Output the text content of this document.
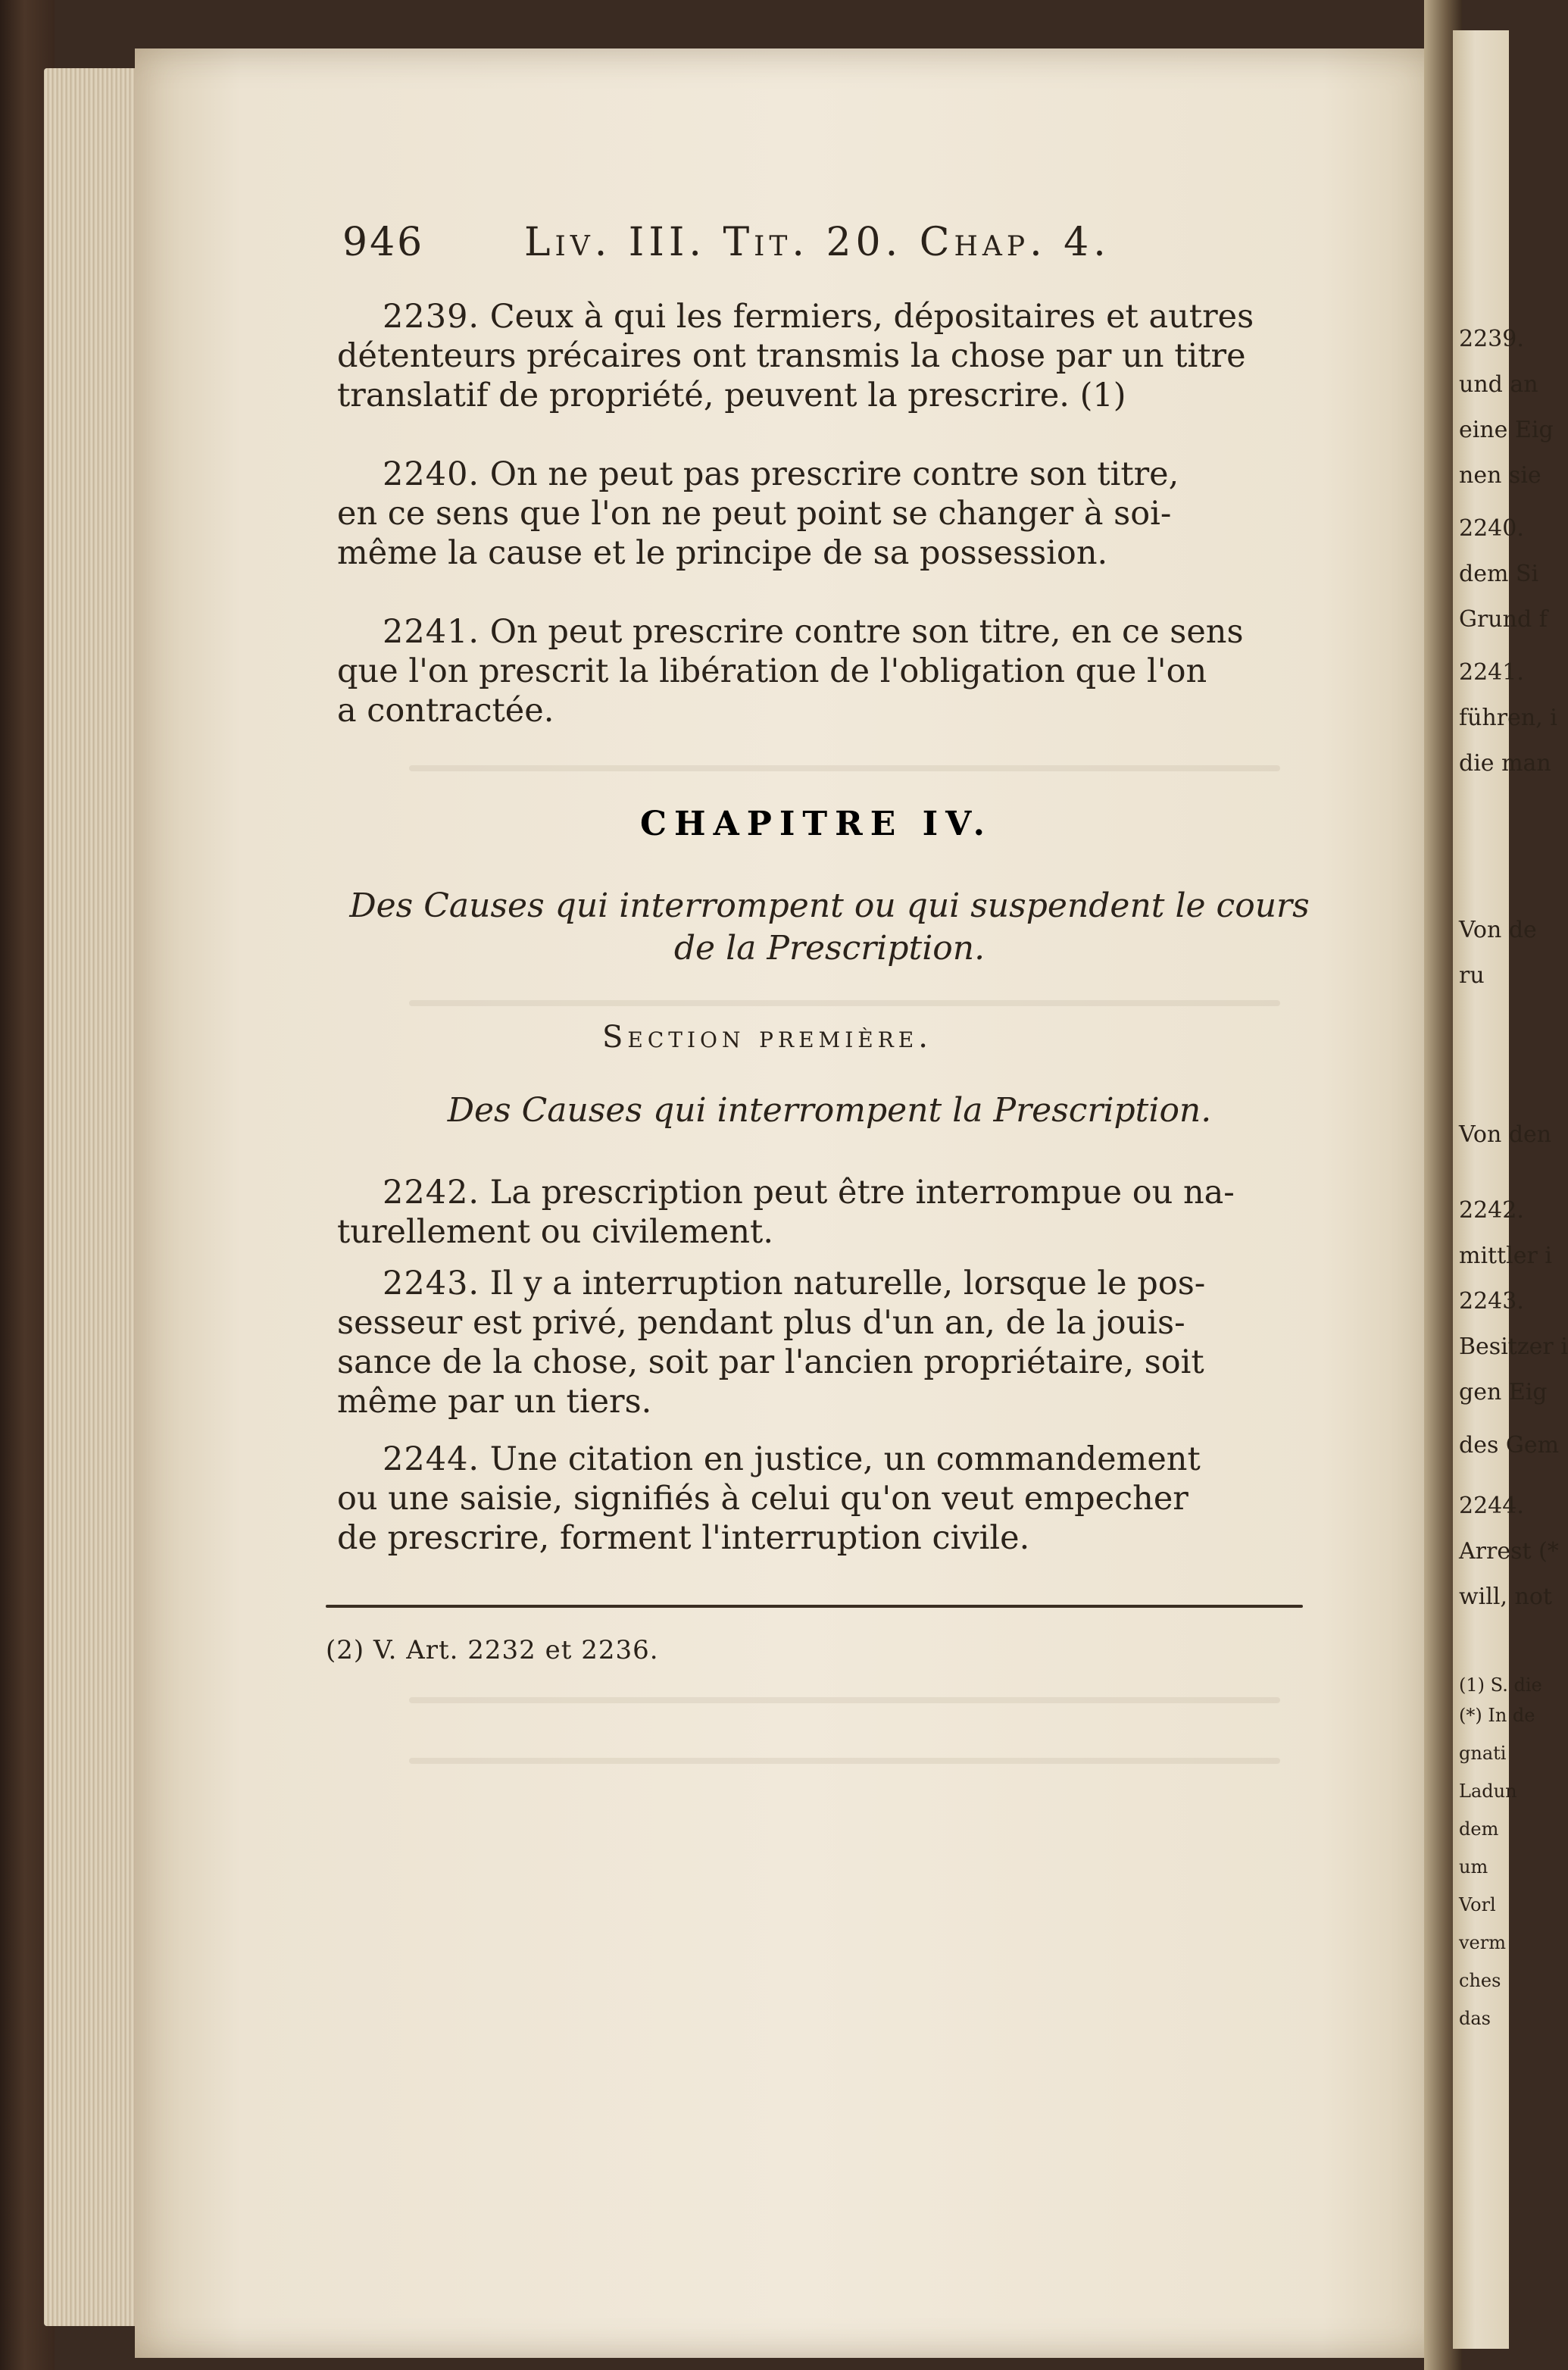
2239.
und an
eine Eig
nen sie
2240.
dem Si
Grund f
2241.
führen, i
die man
Von de
ru
Von den
2242.
mittler i
2243.
Besitzer i
gen Eig
des Gem
2244.
Arrest (*
will, not
(1) S. die
(*) In de
gnati
Ladun
dem
um
Vorl
verm
ches
das
946	Liv. III. Tit. 20. Chap. 4.
2239. Ceux à qui les fermiers, dépositaires et autres
détenteurs précaires ont transmis la chose par un titre
translatif de propriété, peuvent la prescrire. (1)
2240. On ne peut pas prescrire contre son titre,
en ce sens que l'on ne peut point se changer à soi-
même la cause et le principe de sa possession.
2241. On peut prescrire contre son titre, en ce sens
que l'on prescrit la libération de l'obligation que l'on
a contractée.
CHAPITRE IV.
Des Causes qui interrompent ou qui suspendent le cours
de la Prescription.
Section première.
Des Causes qui interrompent la Prescription.
2242. La prescription peut être interrompue ou na-
turellement ou civilement.
2243. Il y a interruption naturelle, lorsque le pos-
sesseur est privé, pendant plus d'un an, de la jouis-
sance de la chose, soit par l'ancien propriétaire, soit
même par un tiers.
2244. Une citation en justice, un commandement
ou une saisie, signifiés à celui qu'on veut empecher
de prescrire, forment l'interruption civile.
(2) V. Art. 2232 et 2236.
